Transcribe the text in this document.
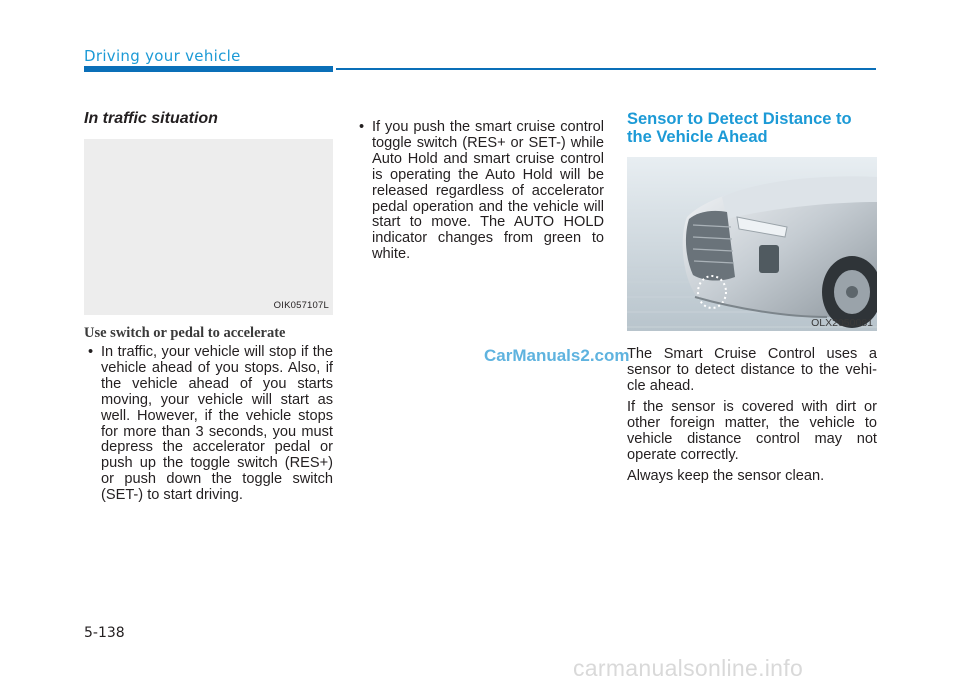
Driving your vehicle
In traffic situation
OIK057107L
Use switch or pedal to accelerate
• In traffic, your vehicle will stop if the vehicle ahead of you stops. Also, if the vehicle ahead of you starts moving, your vehicle will start as well. However, if the vehicle stops for more than 3 seconds, you must depress the accelerator pedal or push up the toggle switch (RES+) or push down the toggle switch (SET-) to start driving.
• If you push the smart cruise control toggle switch (RES+ or SET-) while Auto Hold and smart cruise control is operating the Auto Hold will be released regardless of accelerator pedal operation and the vehicle will start to move. The AUTO HOLD indicator changes from green to white.
CarManuals2.com
Sensor to Detect Distance to the Vehicle Ahead
OLX2050081
The Smart Cruise Control uses a sensor to detect distance to the vehi-cle ahead.
If the sensor is covered with dirt or other foreign matter, the vehicle to vehicle distance control may not operate correctly.
Always keep the sensor clean.
5-138
carmanualsonline.info
